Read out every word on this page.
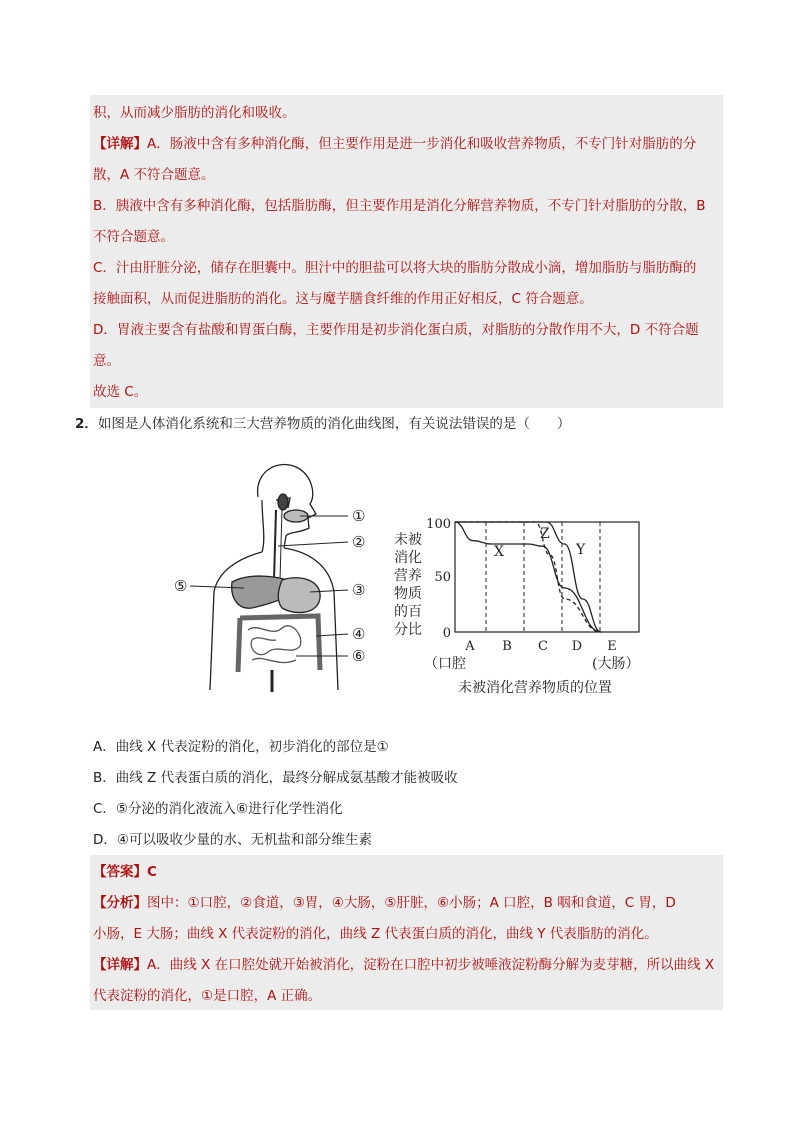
积，从而减少脂肪的消化和吸收。
【详解】A．肠液中含有多种消化酶，但主要作用是进一步消化和吸收营养物质，不专门针对脂肪的分
散，A 不符合题意。
B．胰液中含有多种消化酶，包括脂肪酶，但主要作用是消化分解营养物质，不专门针对脂肪的分散，B
不符合题意。
C．汁由肝脏分泌，储存在胆囊中。胆汁中的胆盐可以将大块的脂肪分散成小滴，增加脂肪与脂肪酶的
接触面积，从而促进脂肪的消化。这与魔芋膳食纤维的作用正好相反，C 符合题意。
D．胃液主要含有盐酸和胃蛋白酶，主要作用是初步消化蛋白质，对脂肪的分散作用不大，D 不符合题
意。
故选 C。
2．如图是人体消化系统和三大营养物质的消化曲线图，有关说法错误的是（　　）
①
②
③
④
⑤
⑥
未被
消化
营养
物质
的百
分比
100
50
0
X
Z
Y
A B C D E
（口腔	(大肠）
未被消化营养物质的位置
A．曲线 X 代表淀粉的消化，初步消化的部位是①
B．曲线 Z 代表蛋白质的消化，最终分解成氨基酸才能被吸收
C．⑤分泌的消化液流入⑥进行化学性消化
D．④可以吸收少量的水、无机盐和部分维生素
【答案】C
【分析】图中：①口腔，②食道，③胃，④大肠，⑤肝脏，⑥小肠；A 口腔，B 咽和食道，C 胃，D
小肠，E 大肠；曲线 X 代表淀粉的消化，曲线 Z 代表蛋白质的消化，曲线 Y 代表脂肪的消化。
【详解】A．曲线 X 在口腔处就开始被消化，淀粉在口腔中初步被唾液淀粉酶分解为麦芽糖，所以曲线 X
代表淀粉的消化，①是口腔，A 正确。
